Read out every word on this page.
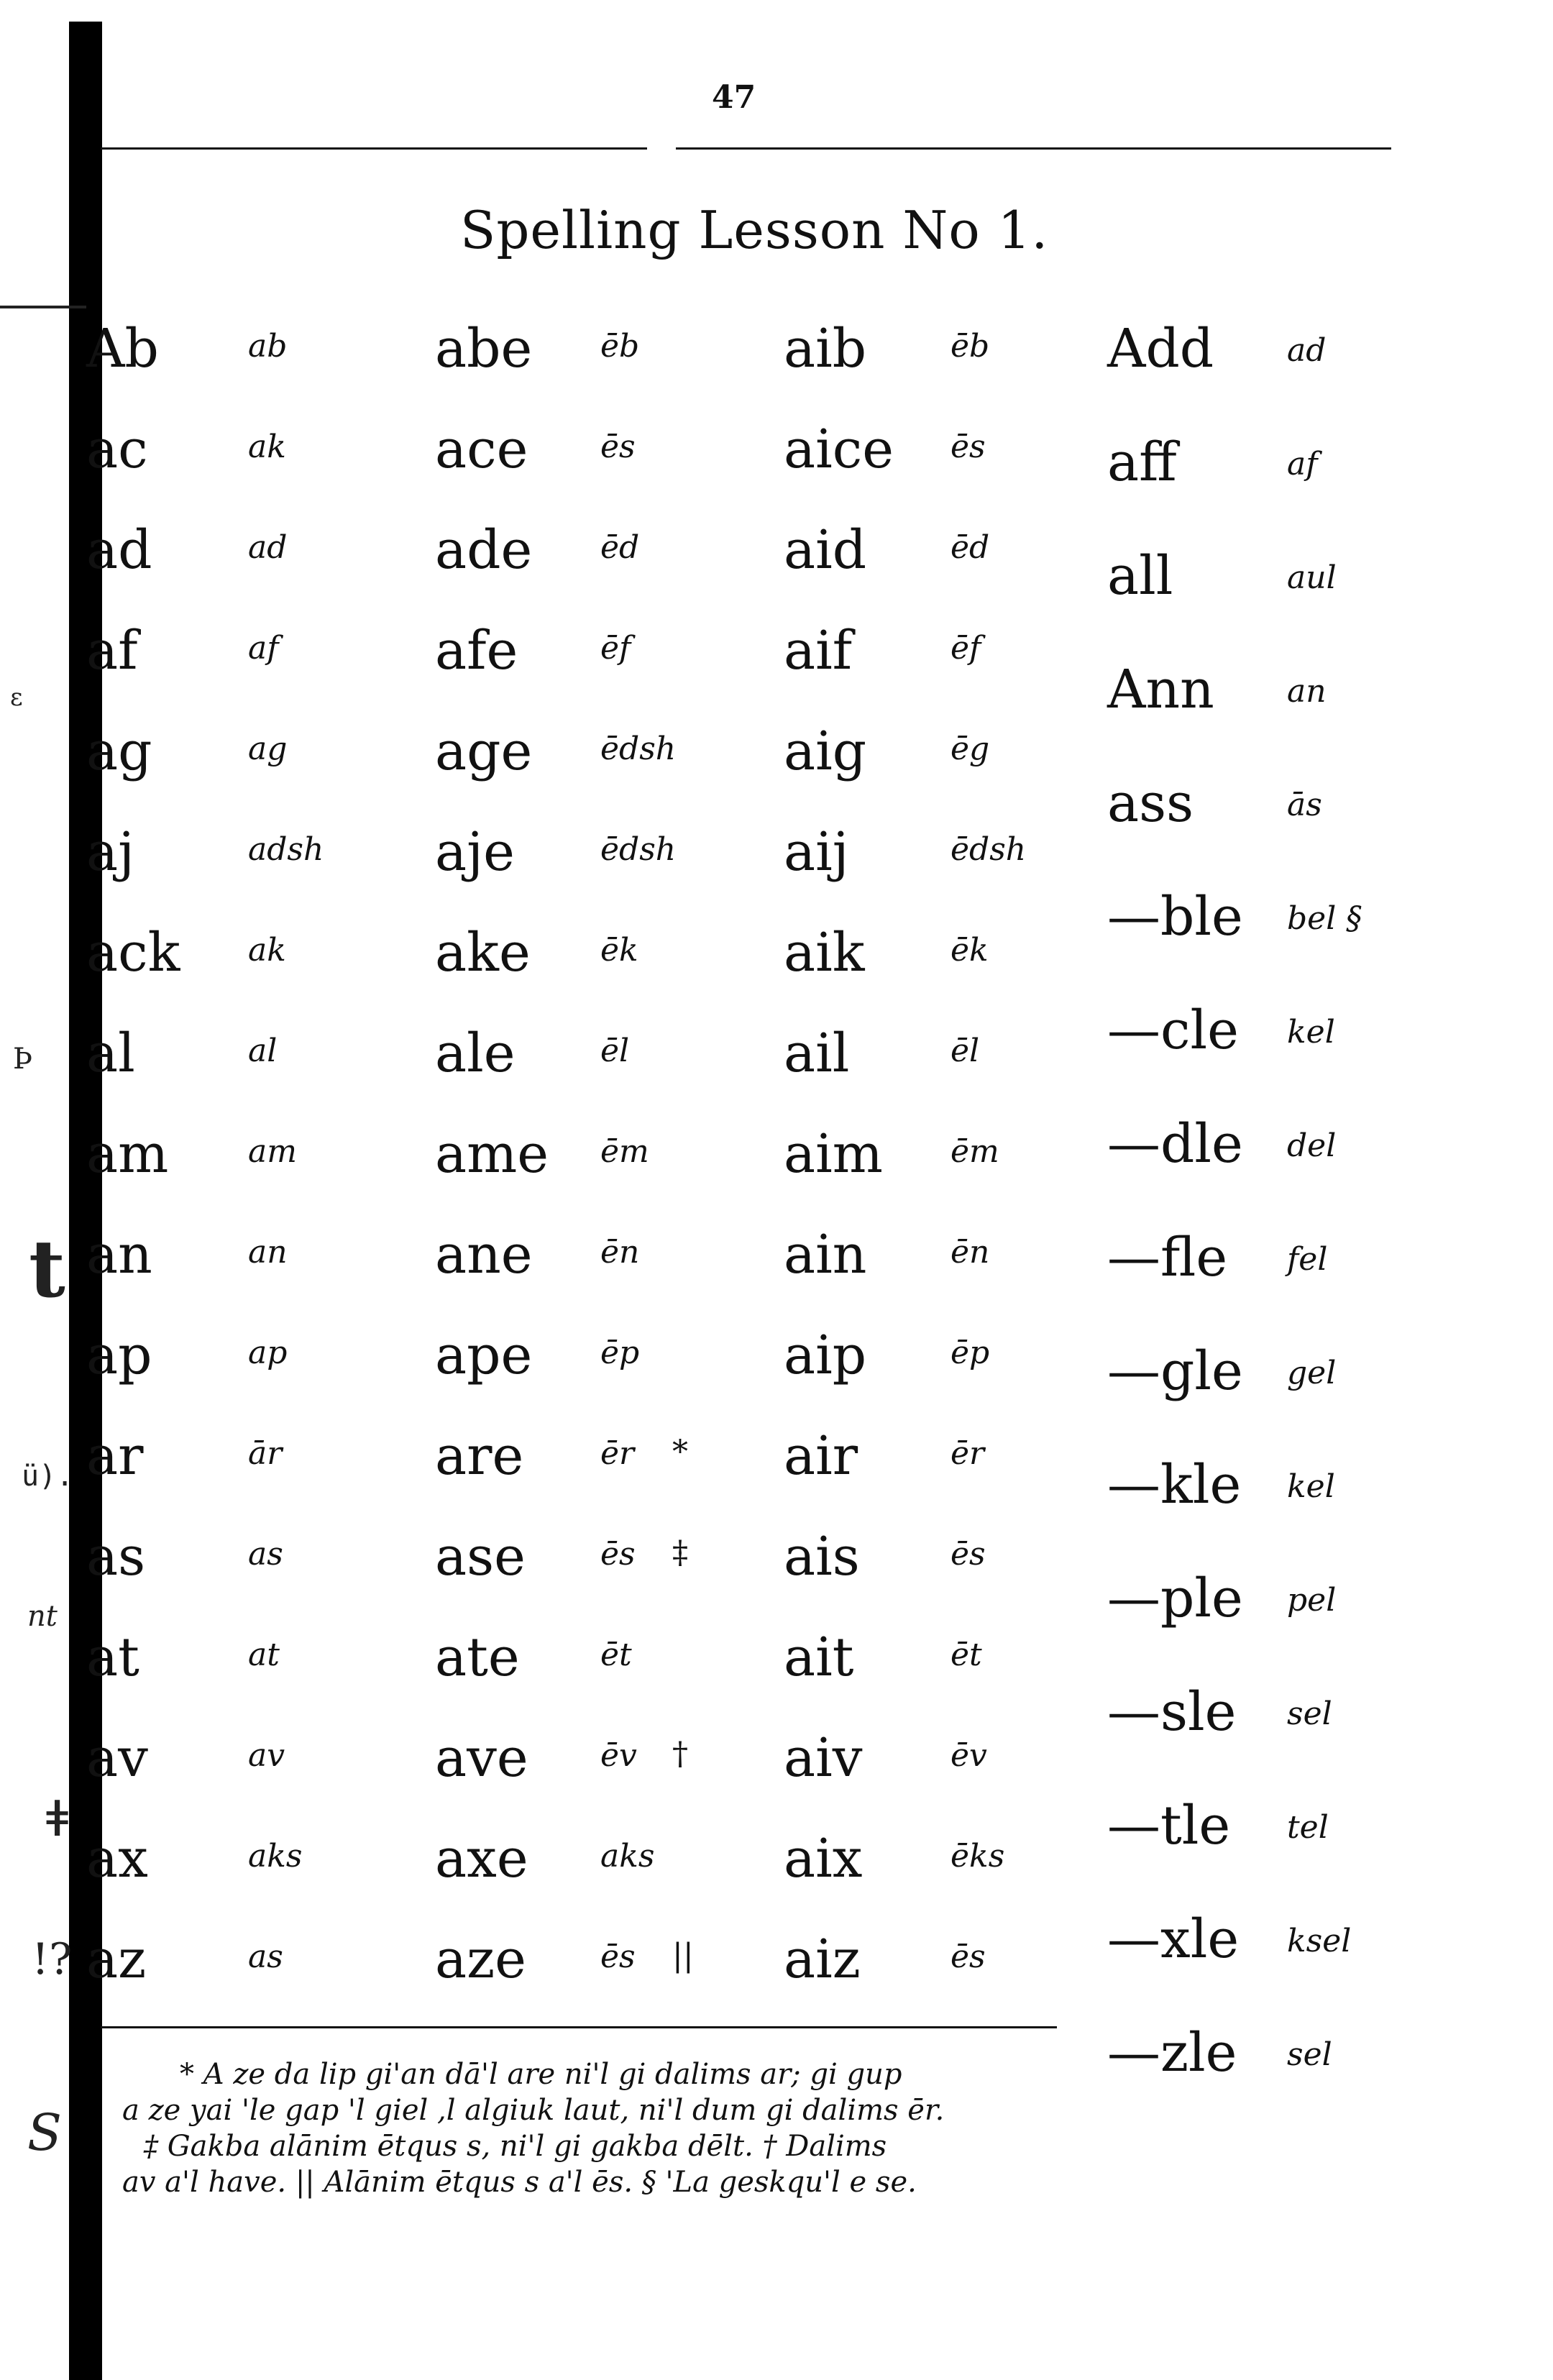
ε
Þ
t
ü).
nt
ǂ
!?
S
47
Spelling Lesson No 1.
Ab	ab
ac	ak
ad	ad
af	af
ag	ag
aj	adsh
ack ak
al	al
am	am
an	an
ap	ap
ar	ār
as	as
at	at
av	av
ax	aks
az	as
abe ēb
ace ēs
ade ēd
afe	ēf
age ēdsh
aje	ēdsh
ake ēk
ale	ēl
ame ēm
ane ēn
ape ēp
are ēr *
ase ēs ‡
ate	ēt
ave ēv †
axe aks
aze ēs ||
aib	ēb
aice ēs
aid	ēd
aif	ēf
aig	ēg
aij	ēdsh
aik	ēk
ail	ēl
aim ēm
ain	ēn
aip	ēp
air	ēr
ais	ēs
ait	ēt
aiv	ēv
aix	ēks
aiz	ēs
Add ad
aff	af
all	aul
Ann an
ass	ās
—ble bel §
—cle kel
—dle del
—fle fel
—gle gel
—kle kel
—ple pel
—sle sel
—tle tel
—xle ksel
—zle sel
* A ze da lip gi'an dā'l are ni'l gi dalims ar; gi gup
a ze yai 'le gap 'l giel ,l algiuk laut, ni'l dum gi dalims ēr.
‡ Gakba alānim ētqus s, ni'l gi gakba dēlt. † Dalims
av a'l have. || Alānim ētqus s a'l ēs. § 'La geskqu'l e se.
